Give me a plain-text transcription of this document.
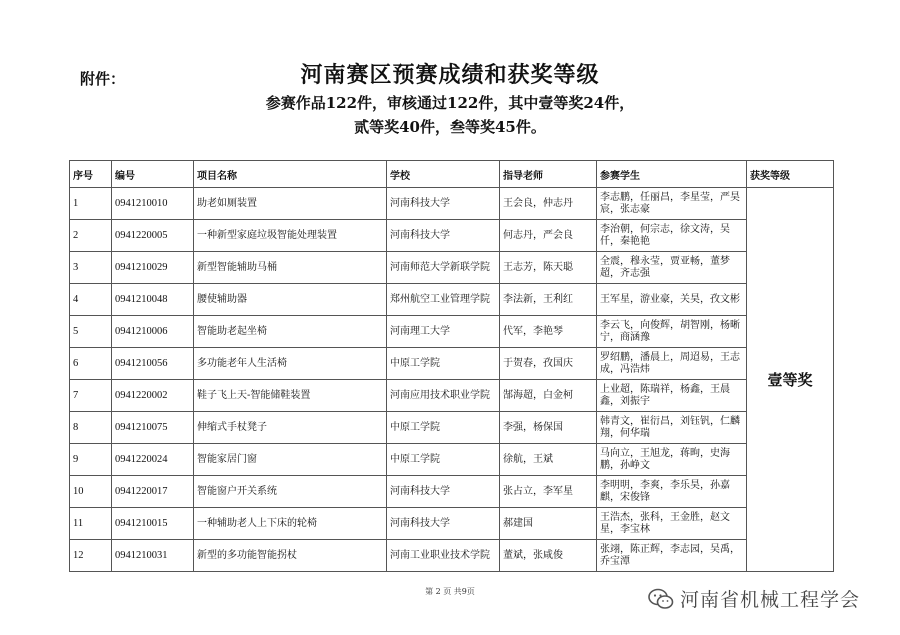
附件：	河南赛区预赛成绩和获奖等级
参赛作品122件，审核通过122件，其中壹等奖24件，
贰等奖40件，叁等奖45件。
序号	编号	项目名称	学校	指导老师	参赛学生	获奖等级
1	0941210010	助老如厕装置	河南科技大学	王会良，仲志丹	李志鹏，任丽昌，李星莹，严昊宸，张志豪	壹等奖
2	0941220005	一种新型家庭垃圾智能处理装置	河南科技大学	何志丹，严会良	李治朝，何宗志，徐文涛，吴仟，秦艳艳	
3	0941210029	新型智能辅助马桶	河南师范大学新联学院	王志芳，陈天聪	全震，穆永莹，贾亚畅，董梦超，齐志强	
4	0941210048	腰使辅助器	郑州航空工业管理学院	李法新，王利红	王军星，游业豪，关昊，孜文彬	
5	0941210006	智能助老起坐椅	河南理工大学	代军，李艳琴	李云飞，向俊辉，胡智刚，杨晰宁，商涵豫	
6	0941210056	多功能老年人生活椅	中原工学院	于贺春，孜国庆	罗绍鹏，潘晨上，周迢易，王志成，冯浩炜	
7	0941220002	鞋子飞上天-智能储鞋装置	河南应用技术职业学院	郜海超，白金柯	上业超，陈瑞祥，杨鑫，王晨鑫，刘振宇	
8	0941210075	伸缩式手杖凳子	中原工学院	李强，杨保国	韩青文，崔衍昌，刘钰钒，仁麟翔，何华瑞	
9	0941220024	智能家居门窗	中原工学院	徐航，王斌	马向立，王旭龙，蒋昫，史海鹏，孙峥文	
10	0941220017	智能窗户开关系统	河南科技大学	张占立，李军星	李明明，李爽，李乐昊，孙嘉麒，宋俊锋	
11	0941210015	一种辅助老人上下床的轮椅	河南科技大学	郝建国	王浩杰，张科，王金胜，赵文星，李宝林	
12	0941210031	新型的多功能智能拐杖	河南工业职业技术学院	董斌，张咸俊	张翊，陈正辉，李志园，吴禹，乔宝潭	
第 2 页 共9页	河南省机械工程学会
